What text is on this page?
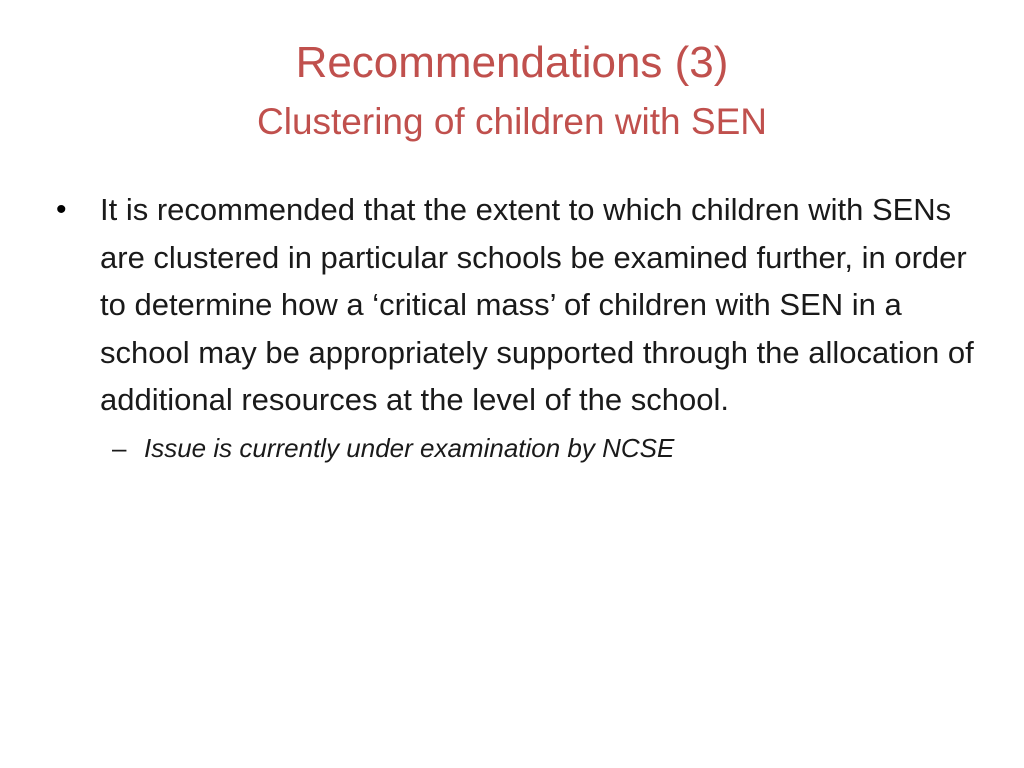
Recommendations (3)
Clustering of children with SEN
• It is recommended that the extent to which children with SENs are clustered in particular schools be examined further, in order to determine how a ‘critical mass’ of children with SEN in a school may be appropriately supported through the allocation of additional resources at the level of the school.
– Issue is currently under examination by NCSE
